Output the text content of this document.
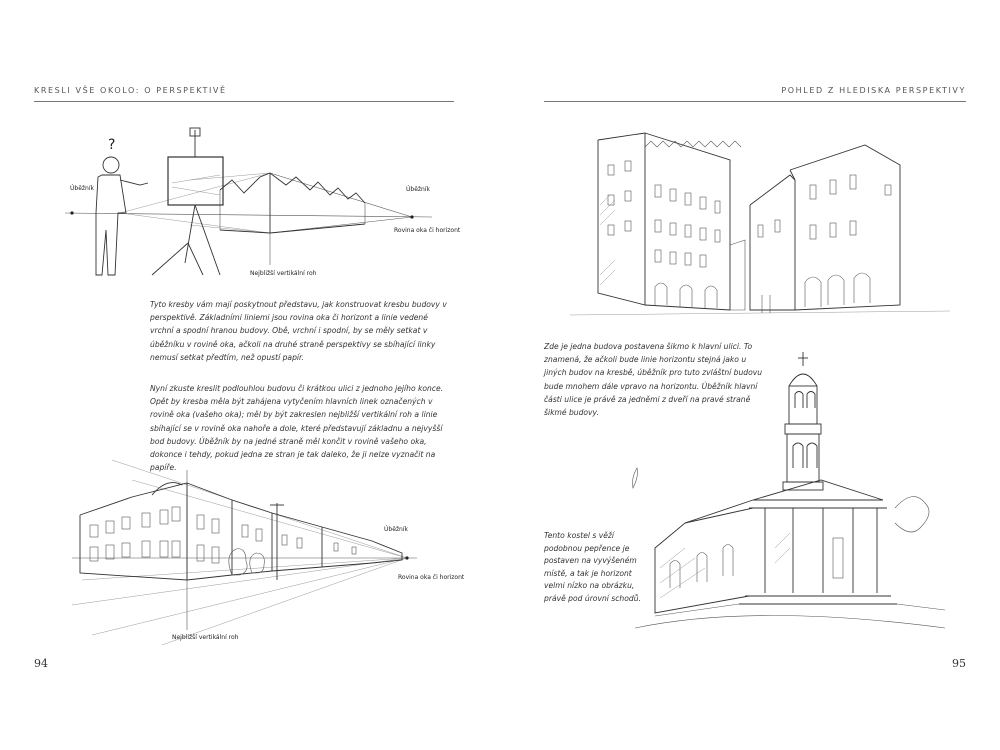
KRESLI VŠE OKOLO: O PERSPEKTIVĚ
?
Úběžník	Úběžník
Rovina oka či horizont
Nejbližší vertikální roh

Tyto kresby vám mají poskytnout představu, jak konstruovat kresbu budovy v perspektivě. Základními liniemi jsou rovina oka či horizont a linie vedené vrchní a spodní hranou budovy. Obě, vrchní i spodní, by se měly setkat v úběžníku v rovině oka, ačkoli na druhé straně perspektivy se sbíhající linky nemusí setkat předtím, než opustí papír.

Nyní zkuste kreslit podlouhlou budovu či krátkou ulici z jednoho jejího konce. Opět by kresba měla být zahájena vytyčením hlavních linek označených v rovině oka (vašeho oka); měl by být zakreslen nejbližší vertikální roh a linie sbíhající se v rovině oka nahoře a dole, které představují základnu a nejvyšší bod budovy. Úběžník by na jedné straně měl končit v rovině vašeho oka, dokonce i tehdy, pokud jedna ze stran je tak daleko, že ji nelze vyznačit na papíře.

Úběžník
Rovina oka či horizont
Nejbližší vertikální roh
94
POHLED Z HLEDISKA PERSPEKTIVY

Zde je jedna budova postavena šikmo k hlavní ulici. To znamená, že ačkoli bude linie horizontu stejná jako u jiných budov na kresbě, úběžník pro tuto zvláštní budovu bude mnohem dále vpravo na horizontu. Úběžník hlavní části ulice je právě za jedněmi z dveří na pravé straně šikmé budovy.

Tento kostel s věží podobnou pepřence je postaven na vyvýšeném místě, a tak je horizont velmi nízko na obrázku, právě pod úrovní schodů.

95
